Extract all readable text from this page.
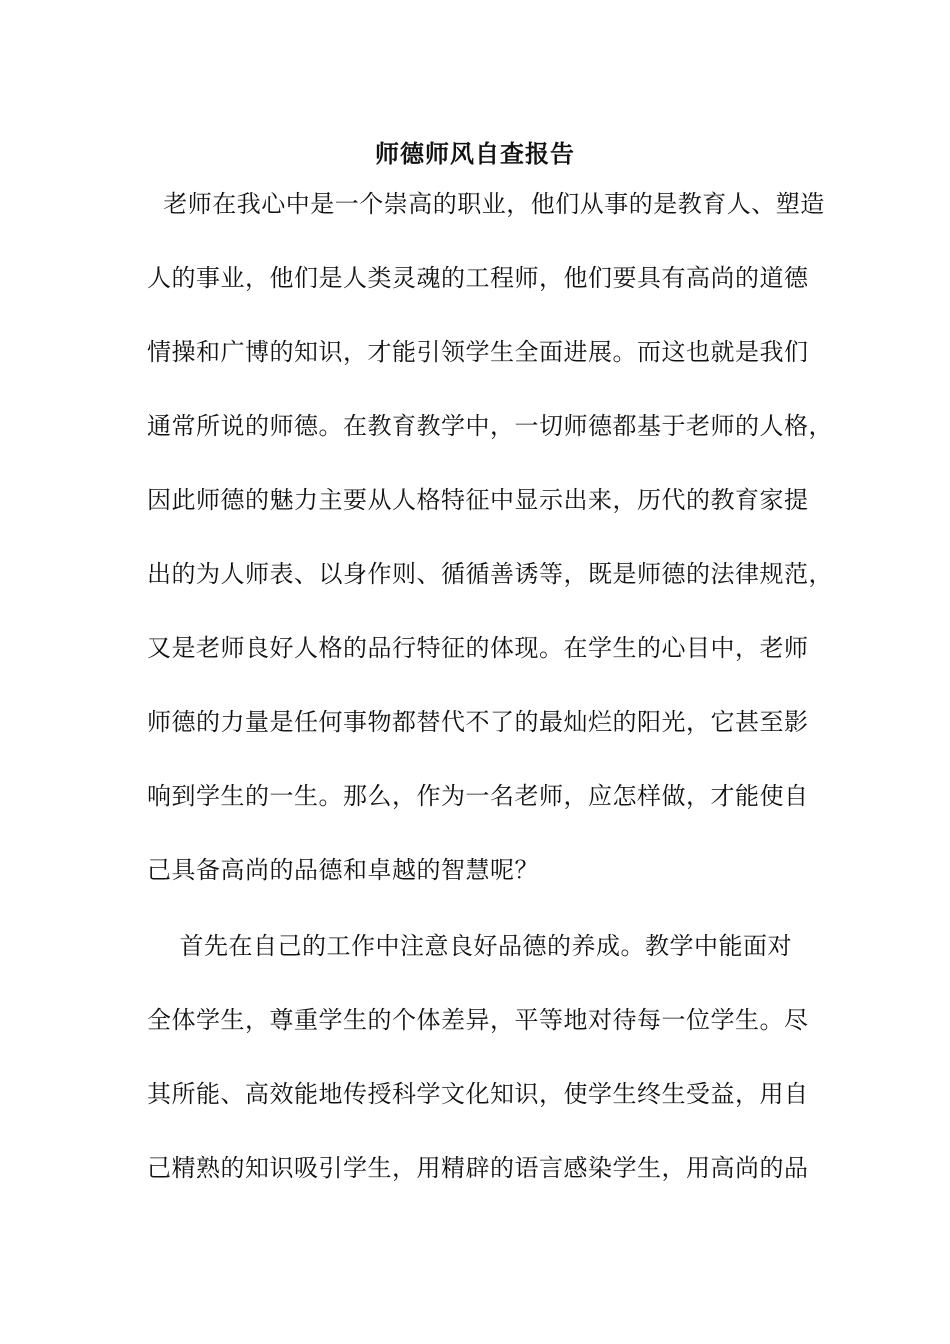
师德师风自查报告

老师在我心中是一个崇高的职业，他们从事的是教育人、塑造

人的事业，他们是人类灵魂的工程师，他们要具有高尚的道德

情操和广博的知识，才能引领学生全面进展。而这也就是我们

通常所说的师德。在教育教学中，一切师德都基于老师的人格，

因此师德的魅力主要从人格特征中显示出来，历代的教育家提

出的为人师表、以身作则、循循善诱等，既是师德的法律规范，

又是老师良好人格的品行特征的体现。在学生的心目中，老师

师德的力量是任何事物都替代不了的最灿烂的阳光，它甚至影

响到学生的一生。那么，作为一名老师，应怎样做，才能使自

己具备高尚的品德和卓越的智慧呢？

首先在自己的工作中注意良好品德的养成。教学中能面对

全体学生，尊重学生的个体差异，平等地对待每一位学生。尽

其所能、高效能地传授科学文化知识，使学生终生受益，用自

己精熟的知识吸引学生，用精辟的语言感染学生，用高尚的品
